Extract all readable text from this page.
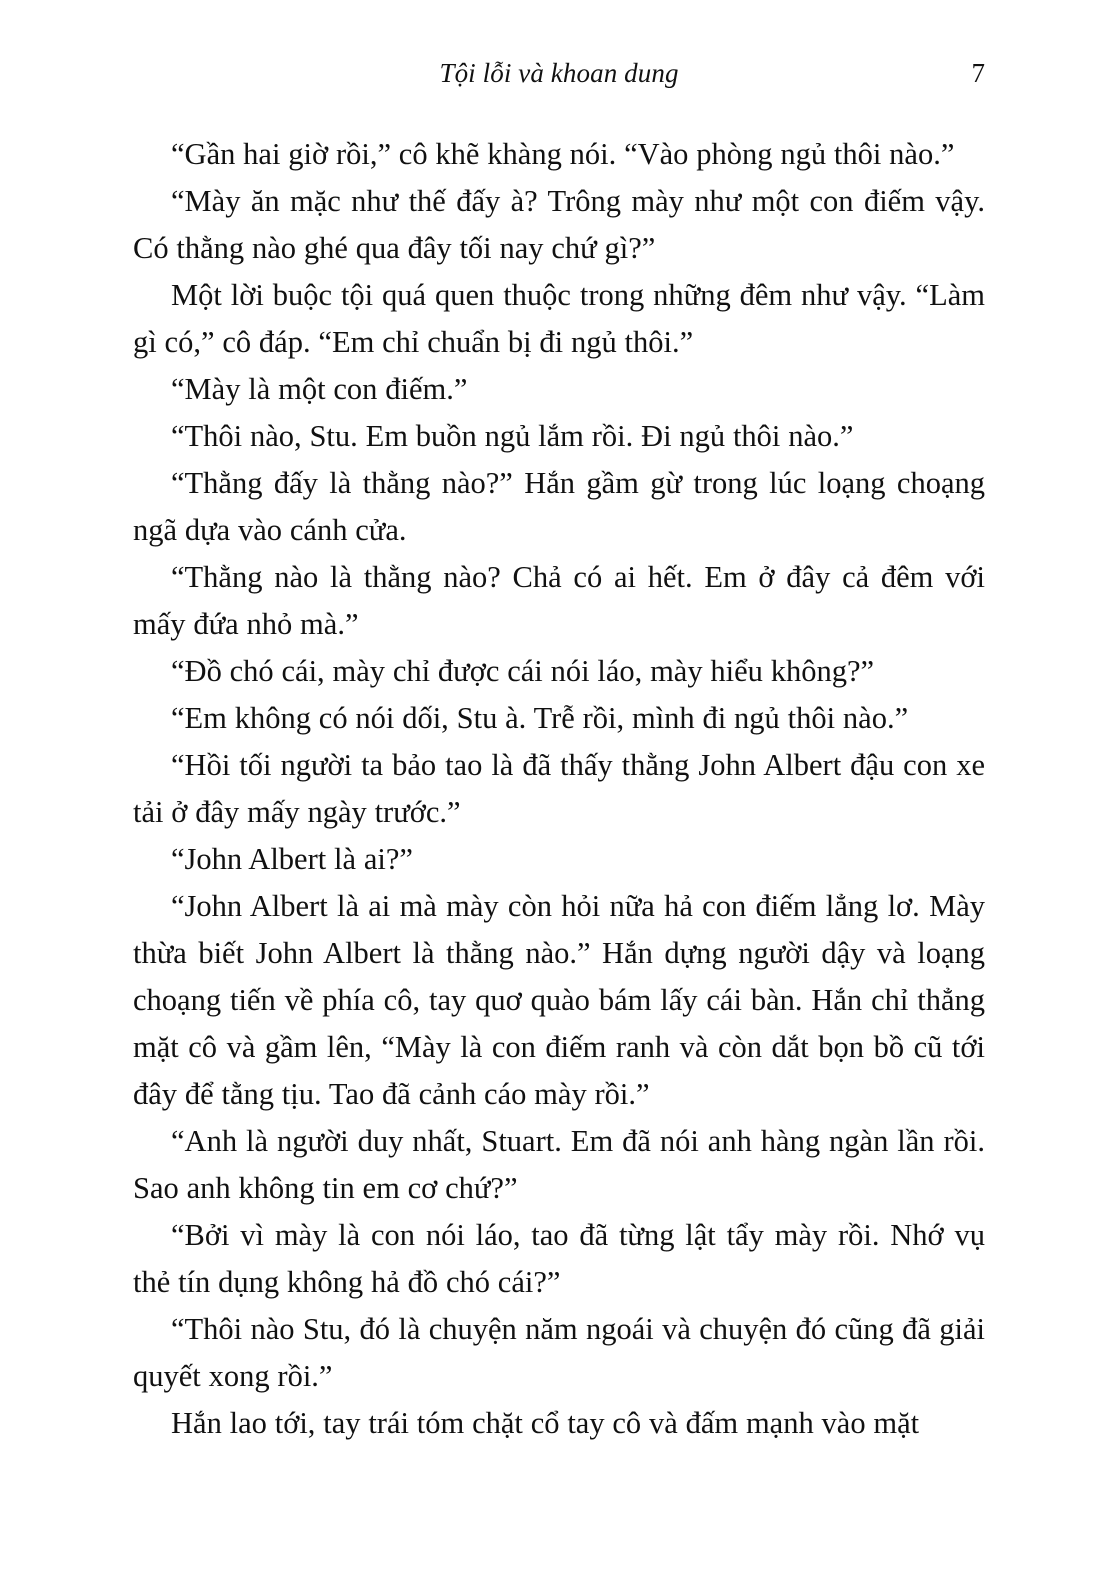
Tội lỗi và khoan dung	7

“Gần hai giờ rồi,” cô khẽ khàng nói. “Vào phòng ngủ thôi nào.”

“Mày ăn mặc như thế đấy à? Trông mày như một con điếm vậy. Có thằng nào ghé qua đây tối nay chứ gì?”

Một lời buộc tội quá quen thuộc trong những đêm như vậy. “Làm gì có,” cô đáp. “Em chỉ chuẩn bị đi ngủ thôi.”

“Mày là một con điếm.”

“Thôi nào, Stu. Em buồn ngủ lắm rồi. Đi ngủ thôi nào.”

“Thằng đấy là thằng nào?” Hắn gầm gừ trong lúc loạng choạng ngã dựa vào cánh cửa.

“Thằng nào là thằng nào? Chả có ai hết. Em ở đây cả đêm với mấy đứa nhỏ mà.”

“Đồ chó cái, mày chỉ được cái nói láo, mày hiểu không?”

“Em không có nói dối, Stu à. Trễ rồi, mình đi ngủ thôi nào.”

“Hồi tối người ta bảo tao là đã thấy thằng John Albert đậu con xe tải ở đây mấy ngày trước.”

“John Albert là ai?”

“John Albert là ai mà mày còn hỏi nữa hả con điếm lẳng lơ. Mày thừa biết John Albert là thằng nào.” Hắn dựng người dậy và loạng choạng tiến về phía cô, tay quơ quào bám lấy cái bàn. Hắn chỉ thẳng mặt cô và gầm lên, “Mày là con điếm ranh và còn dắt bọn bồ cũ tới đây để tằng tịu. Tao đã cảnh cáo mày rồi.”

“Anh là người duy nhất, Stuart. Em đã nói anh hàng ngàn lần rồi. Sao anh không tin em cơ chứ?”

“Bởi vì mày là con nói láo, tao đã từng lật tẩy mày rồi. Nhớ vụ thẻ tín dụng không hả đồ chó cái?”

“Thôi nào Stu, đó là chuyện năm ngoái và chuyện đó cũng đã giải quyết xong rồi.”

Hắn lao tới, tay trái tóm chặt cổ tay cô và đấm mạnh vào mặt
